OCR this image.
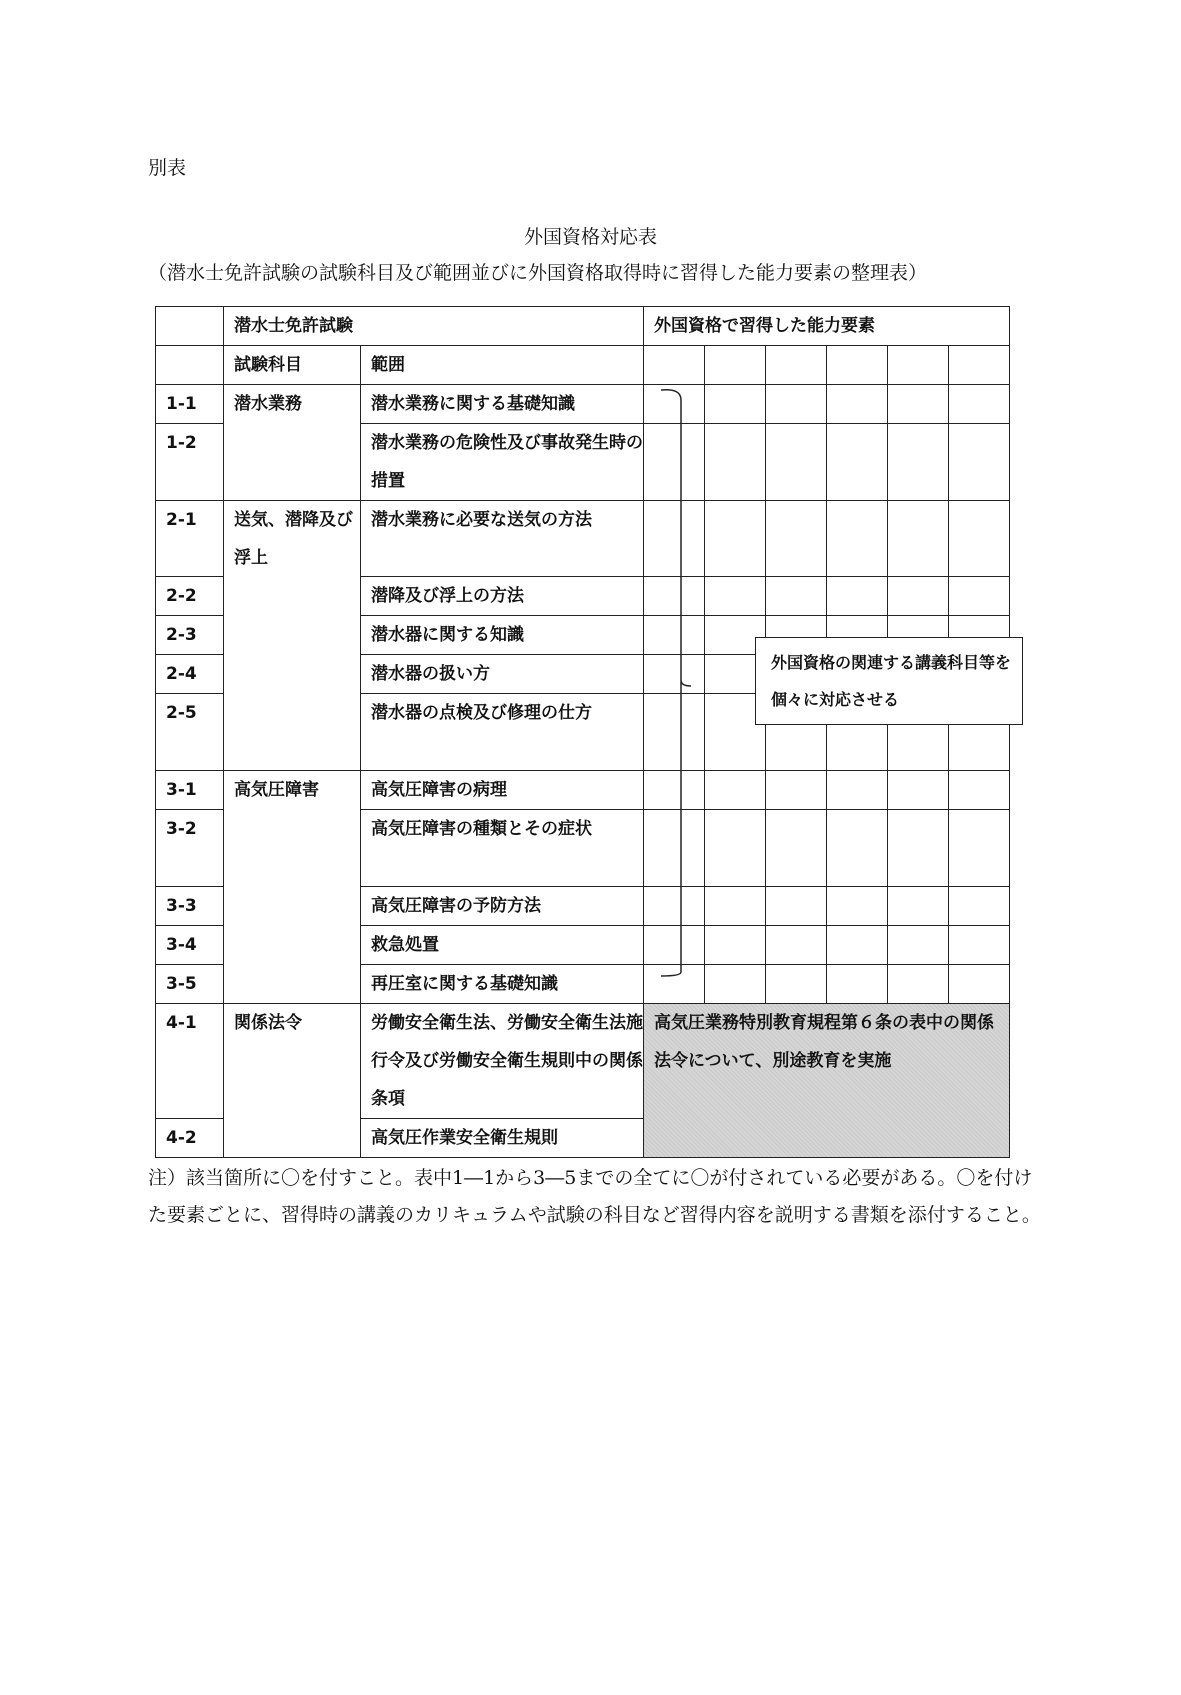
別表
外国資格対応表
（潜水士免許試験の試験科目及び範囲並びに外国資格取得時に習得した能力要素の整理表）
	潜水士免許試験		外国資格で習得した能力要素					
	試験科目	範囲						
1-1	潜水業務	潜水業務に関する基礎知識						
1-2		潜水業務の危険性及び事故発生時の措置						
2-1	送気、潜降及び浮上	潜水業務に必要な送気の方法						
2-2		潜降及び浮上の方法						
2-3		潜水器に関する知識						
2-4		潜水器の扱い方						
2-5		潜水器の点検及び修理の仕方						
3-1	高気圧障害	高気圧障害の病理						
3-2		高気圧障害の種類とその症状						
3-3		高気圧障害の予防方法						
3-4		救急処置						
3-5		再圧室に関する基礎知識						
4-1	関係法令	労働安全衛生法、労働安全衛生法施行令及び労働安全衛生規則中の関係条項	高気圧業務特別教育規程第６条の表中の関係法令について、別途教育を実施					
4-2		高気圧作業安全衛生規則						
外国資格の関連する講義科目等を個々に対応させる
注）該当箇所に〇を付すこと。表中1―1から3―5までの全てに〇が付されている必要がある。〇を付けた要素ごとに、習得時の講義のカリキュラムや試験の科目など習得内容を説明する書類を添付すること。
